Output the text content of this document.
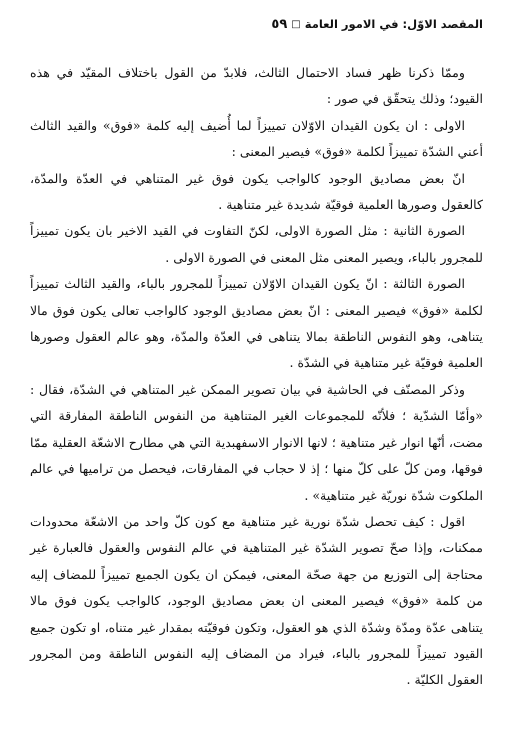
المقصد الاوّل: في الامور العامة
□
٥٩

وممّا ذكرنا ظهر فساد الاحتمال الثالث، فلابدّ من القول باختلاف المقيّد في هذه القيود؛ وذلك يتحقّق في صور :

الاولى : ان يكون القيدان الاوّلان تمييزاً لما أُضيف إليه كلمة «فوق» والقيد الثالث أعني الشدّة تمييزاً لكلمة «فوق» فيصير المعنى :

انّ بعض مصاديق الوجود كالواجب يكون فوق غير المتناهي في العدّة والمدّة، كالعقول وصورها العلمية فوقيّة شديدة غير متناهية .

الصورة الثانية : مثل الصورة الاولى، لكنّ التفاوت في القيد الاخير بان يكون تمييزاً للمجرور بالباء، ويصير المعنى مثل المعنى في الصورة الاولى .

الصورة الثالثة : انّ يكون القيدان الاوّلان تمييزاً للمجرور بالباء، والقيد الثالث تمييزاً لكلمة «فوق» فيصير المعنى : انّ بعض مصاديق الوجود كالواجب تعالى يكون فوق مالا يتناهى، وهو النفوس الناطقة بمالا يتناهى في العدّة والمدّة، وهو عالم العقول وصورها العلمية فوقيّة غير متناهية في الشدّة .

وذكر المصنّف في الحاشية في بيان تصوير الممكن غير المتناهي في الشدّة، فقال : «وأمّا الشدّية ؛ فلأنّه للمجموعات الغير المتناهية من النفوس الناطقة المفارقة التي مضت، أنّها انوار غير متناهية ؛ لانها الانوار الاسفهبدية التي هي مطارح الاشعّة العقلية ممّا فوقها، ومن كلّ على كلّ منها ؛ إذ لا حجاب في المفارقات، فيحصل من تراميها في عالم الملكوت شدّة نوريّة غير متناهية» .

اقول : كيف تحصل شدّة نورية غير متناهية مع كون كلّ واحد من الاشعّة محدودات ممكنات، وإذا صحّ تصوير الشدّة غير المتناهية في عالم النفوس والعقول فالعبارة غير محتاجة إلى التوزيع من جهة صحّة المعنى، فيمكن ان يكون الجميع تمييزاً للمضاف إليه من كلمة «فوق» فيصير المعنى ان بعض مصاديق الوجود، كالواجب يكون فوق مالا يتناهى عدّة ومدّة وشدّة الذي هو العقول، وتكون فوقيّته بمقدار غير متناه، او تكون جميع القيود تمييزاً للمجرور بالباء، فيراد من المضاف إليه النفوس الناطقة ومن المجرور العقول الكليّة .
